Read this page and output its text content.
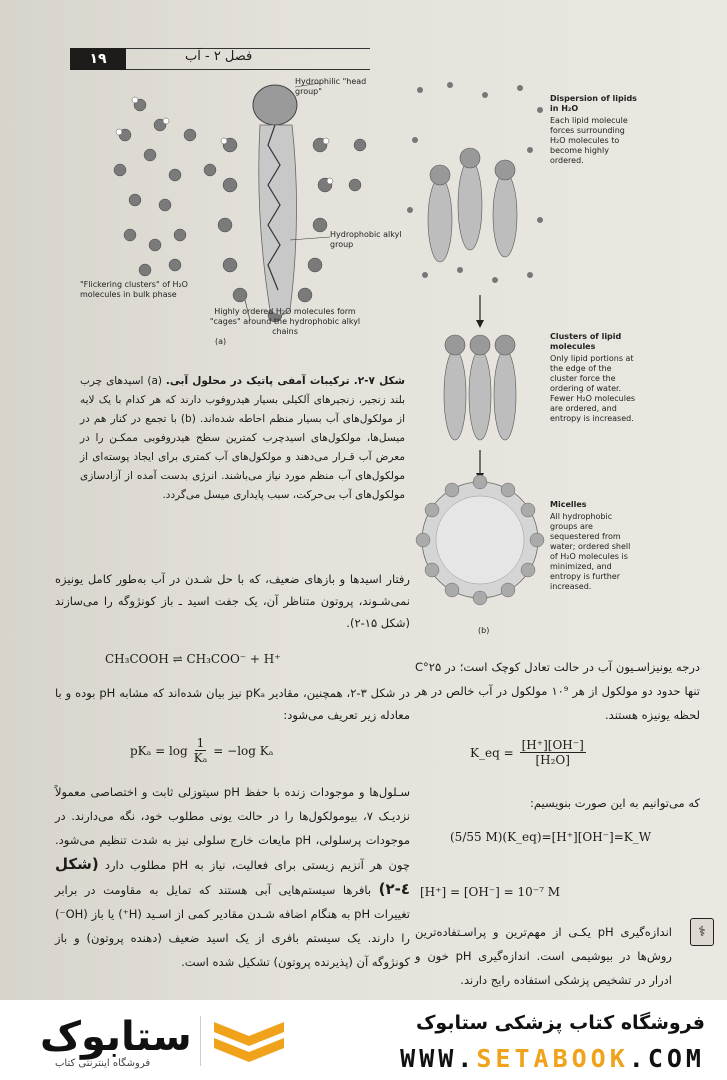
١٩	فصل ٢ - آب
Hydrophilic "head group"
Hydrophobic alkyl group
"Flickering clusters" of H₂O molecules in bulk phase
Highly ordered H₂O molecules form "cages" around the hydrophobic alkyl chains
(a)
Dispersion of lipids in H₂O
Each lipid molecule forces surrounding H₂O molecules to become highly ordered.
Clusters of lipid molecules
Only lipid portions at the edge of the cluster force the ordering of water. Fewer H₂O molecules are ordered, and entropy is increased.
Micelles
All hydrophobic groups are sequestered from water; ordered shell of H₂O molecules is minimized, and entropy is further increased.
(b)
شکل ۷-۲. ترکیبات آمفی پاتیک در محلول آبی. (a) اسیدهای چرب بلند زنجیر، زنجیرهای آلکیلی بسیار هیدروفوب دارند که هر کدام با یک لایه از مولکول‌های آب بسیار منظم احاطه شده‌اند. (b) با تجمع در کنار هم در میسل‌ها، مولکول‌های اسیدچرب کمترین سطح هیدروفوبی ممکـن را در معرض آب قـرار می‌دهند و مولکول‌های آب کمتری برای ایجاد پوسته‌ای از مولکول‌های آب منظم مورد نیاز می‌باشند. انرژی بدست آمده از آزادسازی مولکول‌های آب بی‌حرکت، سبب پایداری میسل می‌گردد.
رفتار اسیدها و بازهای ضعیف، که با حل شـدن در آب به‌طور کامل یونیزه نمی‌شـوند، پروتون متناظر آن، یک جفت اسید ـ باز کونژوگه را می‌سازند (شکل ۱۵-۲).
CH₃COOH ⇌ CH₃COO⁻ + H⁺
در شکل ۳-۲، همچنین، مقادیر pKₐ نیز بیان شده‌اند که مشابه pH بوده و با معادله زیر تعریف می‌شود:
$pK_a = \log \frac{1}{\text{Kₐ}} = -\log$ Kₐ
سـلول‌ها و موجودات زنده با حفظ pH سیتوزلی ثابت و اختصاصی معمولاً نزدیـک ۷، بیومولکول‌ها را در حالت یونی مطلوب خود، نگه می‌دارند. در موجودات پرسلولی، pH مایعات خارج سلولی نیز به شدت تنظیم می‌شود. چون هر آنزیم زیستی برای فعالیت، نیاز به pH مطلوب دارد (شکل ٤-٢) بافرها سیستم‌هایی آبی هستند که تمایل به مقاومت در برابر تغییرات pH به هنگام اضافه شـدن مقادیر کمی از اسـید (H⁺) یا باز (OH⁻) را دارند. یک سیستم بافری از یک اسید ضعیف (دهنده پروتون) و باز کونژوگه آن (پذیرنده پروتون) تشکیل شده است.
درجه یونیزاسـیون آب در حالت تعادل کوچک است؛ در ۲۵°C تنها حدود دو مولکول از هر ۱۰⁹ مولکول در آب خالص در هر لحظه یونیزه هستند.
K_eq = $\frac{[H^+][OH^-]}{\text{[H₂O]}}$
که می‌توانیم به این صورت بنویسیم:
(5/55 M)(K_eq)=[H⁺][OH⁻]=K_W
[H⁺] = [OH⁻] = 10⁻⁷ M
اندازه‌گیری pH یکـی از مهم‌ترین و پراسـتفاده‌ترین روش‌ها در بیوشیمی است. اندازه‌گیری pH خون و ادرار در تشخیص پزشکی استفاده رایج دارند.
⚕
ستابوک
فروشگاه اینترنتی کتاب
فروشگاه کتاب پزشکی ستابوک
WWW.SETABOOK.COM
